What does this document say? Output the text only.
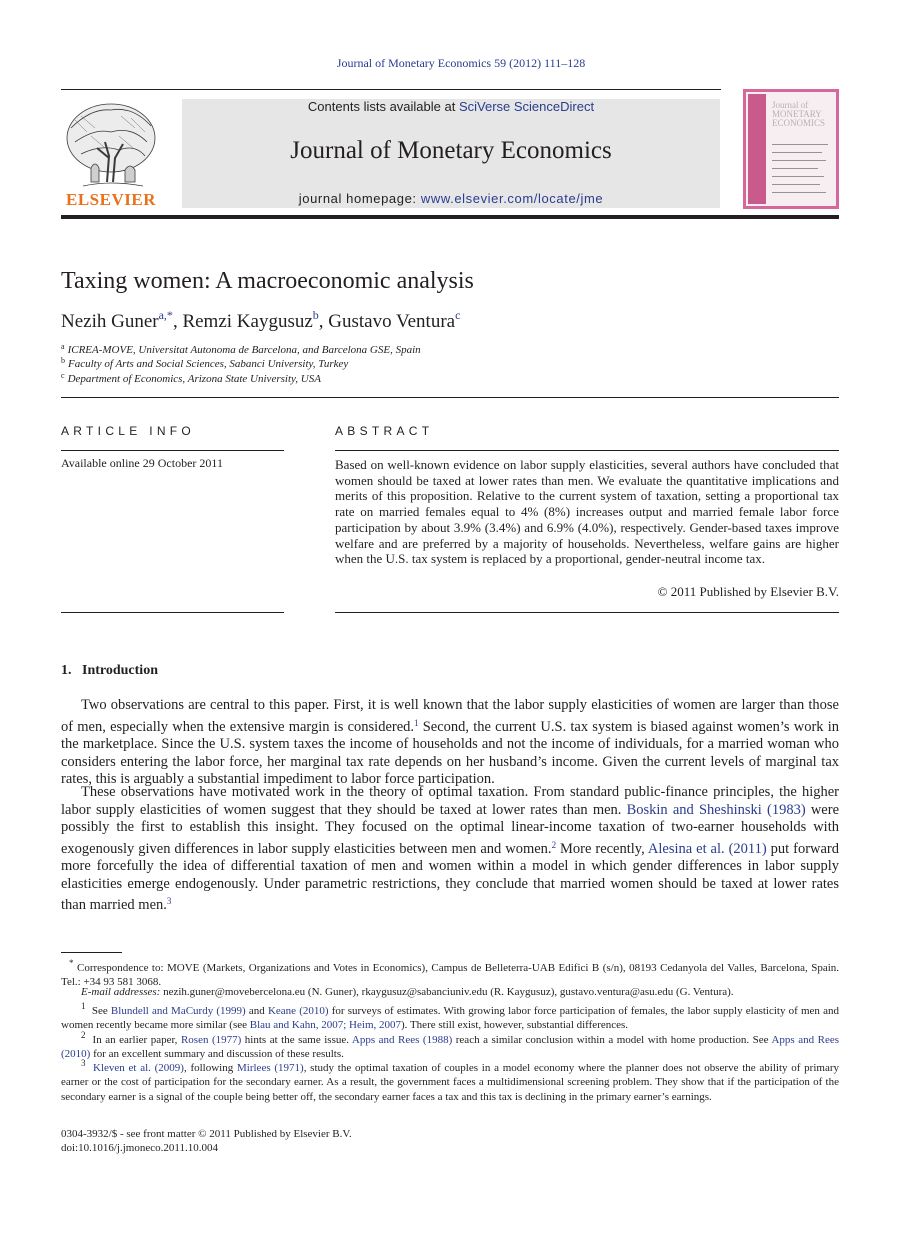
Journal of Monetary Economics 59 (2012) 111–128
ELSEVIER
Contents lists available at SciVerse ScienceDirect
Journal of Monetary Economics
journal homepage: www.elsevier.com/locate/jme
Journal of MONETARY ECONOMICS
Taxing women: A macroeconomic analysis
Nezih Guner$^{a,*}$, Remzi Kaygusuz$^b$, Gustavo Ventura$^c$
$^a$ ICREA-MOVE, Universitat Autonoma de Barcelona, and Barcelona GSE, Spain
$^b$ Faculty of Arts and Social Sciences, Sabanci University, Turkey
$^c$ Department of Economics, Arizona State University, USA
ARTICLE INFO
Available online 29 October 2011
ABSTRACT
Based on well-known evidence on labor supply elasticities, several authors have concluded that women should be taxed at lower rates than men. We evaluate the quantitative implications and merits of this proposition. Relative to the current system of taxation, setting a proportional tax rate on married females equal to 4% (8%) increases output and married female labor force participation by about 3.9% (3.4%) and 6.9% (4.0%), respectively. Gender-based taxes improve welfare and are preferred by a majority of households. Nevertheless, welfare gains are higher when the U.S. tax system is replaced by a proportional, gender-neutral income tax.
© 2011 Published by Elsevier B.V.
1. Introduction

Two observations are central to this paper. First, it is well known that the labor supply elasticities of women are larger than those of men, especially when the extensive margin is considered.$^1$ Second, the current U.S. tax system is biased against women’s work in the marketplace. Since the U.S. system taxes the income of households and not the income of individuals, for a married woman who considers entering the labor force, her marginal tax rate depends on her husband’s income. Given the current levels of marginal tax rates, this is arguably a substantial impediment to labor force participation.

These observations have motivated work in the theory of optimal taxation. From standard public-finance principles, the higher labor supply elasticities of women suggest that they should be taxed at lower rates than men. Boskin and Sheshinski (1983) were possibly the first to establish this insight. They focused on the optimal linear-income taxation of two-earner households with exogenously given differences in labor supply elasticities between men and women.$^2$ More recently, Alesina et al. (2011) put forward more forcefully the idea of differential taxation of men and women within a model in which gender differences in labor supply elasticities emerge endogenously. Under parametric restrictions, they conclude that married women should be taxed at lower rates than married men.$^3$

* Correspondence to: MOVE (Markets, Organizations and Votes in Economics), Campus de Belleterra-UAB Edifici B (s/n), 08193 Cedanyola del Valles, Barcelona, Spain. Tel.: +34 93 581 3068.
E-mail addresses: nezih.guner@movebercelona.eu (N. Guner), rkaygusuz@sabanciuniv.edu (R. Kaygusuz), gustavo.ventura@asu.edu (G. Ventura).
$^1$ See Blundell and MaCurdy (1999) and Keane (2010) for surveys of estimates. With growing labor force participation of females, the labor supply elasticity of men and women recently became more similar (see Blau and Kahn, 2007; Heim, 2007). There still exist, however, substantial differences.
$^2$ In an earlier paper, Rosen (1977) hints at the same issue. Apps and Rees (1988) reach a similar conclusion within a model with home production. See Apps and Rees (2010) for an excellent summary and discussion of these results.
$^3$ Kleven et al. (2009), following Mirlees (1971), study the optimal taxation of couples in a model economy where the planner does not observe the ability of primary earner or the cost of participation for the secondary earner. As a result, the government faces a multidimensional screening problem. They show that if the participation of the secondary earner is a signal of the couple being better off, the secondary earner faces a tax and this tax is declining in the primary earner’s earnings.
0304-3932/$ - see front matter © 2011 Published by Elsevier B.V.
doi:10.1016/j.jmoneco.2011.10.004
